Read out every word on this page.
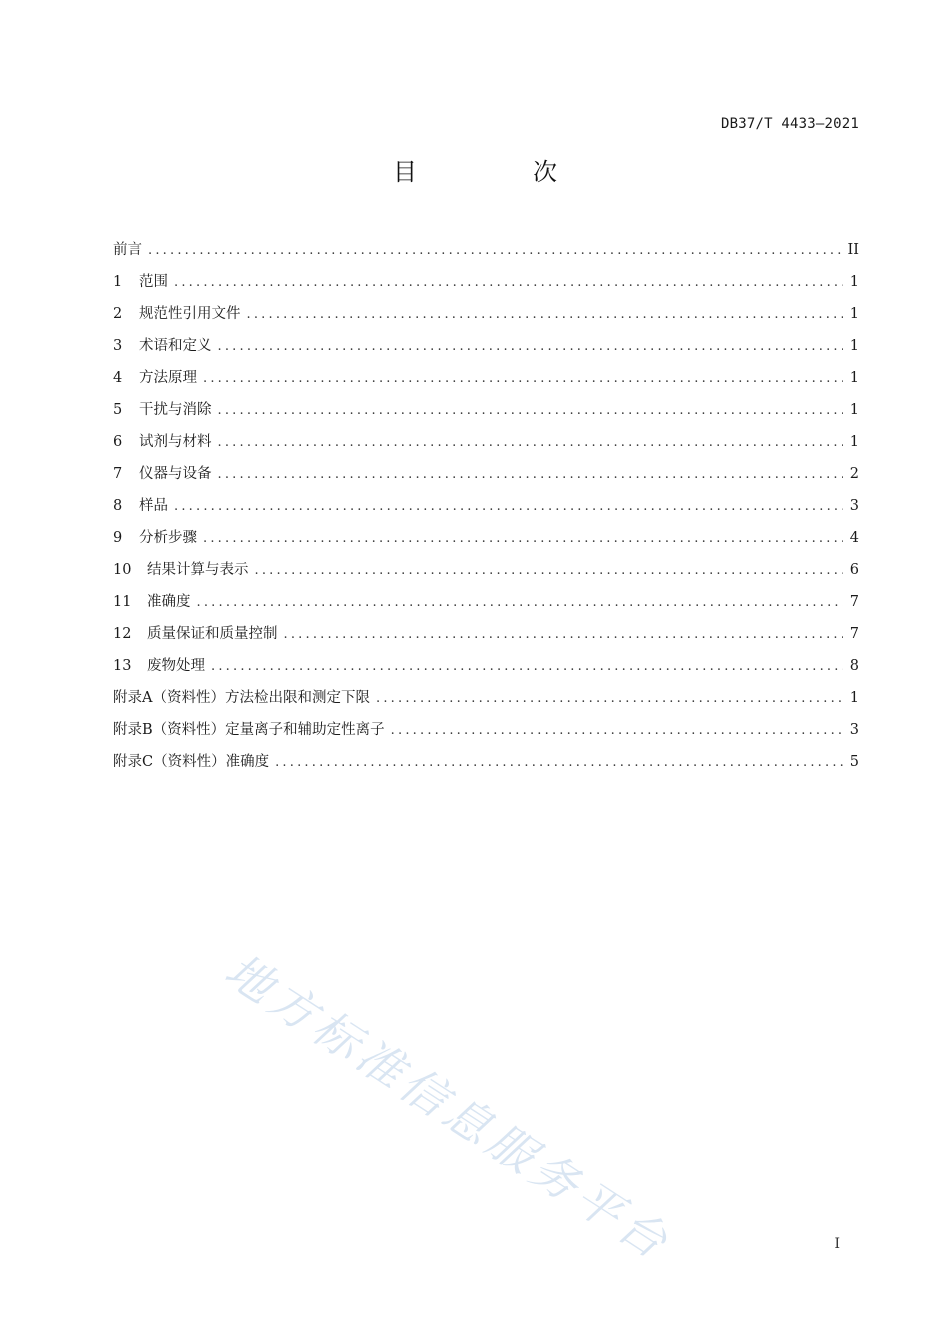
DB37/T 4433—2021
目　次
前言 .....	II
1	范围 .....	1
2	规范性引用文件 .....	1
3	术语和定义 .....	1
4	方法原理 .....	1
5	干扰与消除 .....	1
6	试剂与材料 .....	1
7	仪器与设备 .....	2
8	样品 .....	3
9	分析步骤 .....	4
10	结果计算与表示 .....	6
11	准确度 .....	7
12	质量保证和质量控制 .....	7
13	废物处理 .....	8
附录A（资料性）方法检出限和测定下限 .....	1
附录B（资料性）定量离子和辅助定性离子 .....	3
附录C（资料性）准确度 .....	5
I
地方标准信息服务平台
